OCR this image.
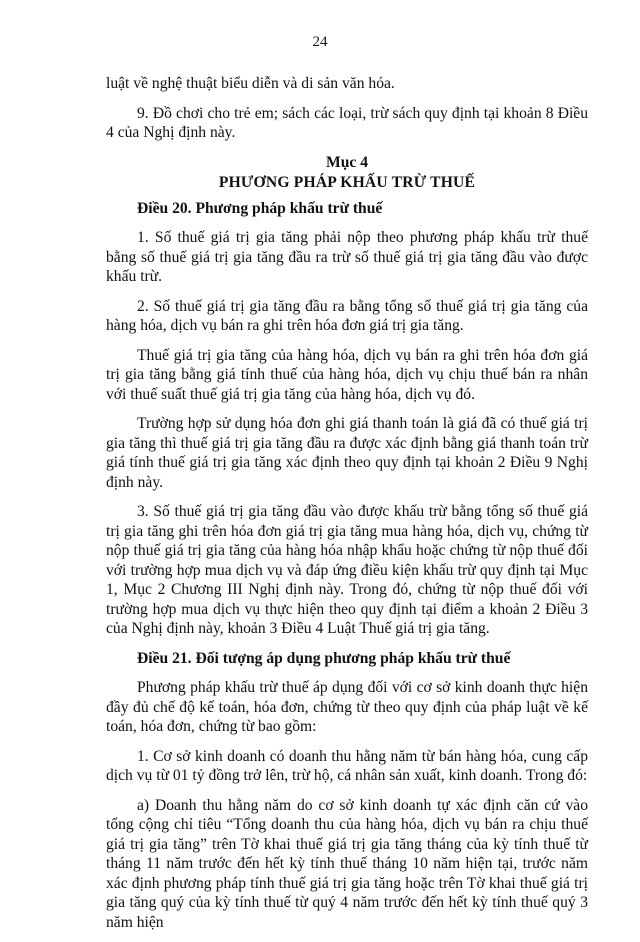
24

luật về nghệ thuật biểu diễn và di sản văn hóa.

9. Đồ chơi cho trẻ em; sách các loại, trừ sách quy định tại khoản 8 Điều 4 của Nghị định này.

Mục 4
PHƯƠNG PHÁP KHẤU TRỪ THUẾ

Điều 20. Phương pháp khấu trừ thuế

1. Số thuế giá trị gia tăng phải nộp theo phương pháp khấu trừ thuế bằng số thuế giá trị gia tăng đầu ra trừ số thuế giá trị gia tăng đầu vào được khấu trừ.

2. Số thuế giá trị gia tăng đầu ra bằng tổng số thuế giá trị gia tăng của hàng hóa, dịch vụ bán ra ghi trên hóa đơn giá trị gia tăng.

Thuế giá trị gia tăng của hàng hóa, dịch vụ bán ra ghi trên hóa đơn giá trị gia tăng bằng giá tính thuế của hàng hóa, dịch vụ chịu thuế bán ra nhân với thuế suất thuế giá trị gia tăng của hàng hóa, dịch vụ đó.

Trường hợp sử dụng hóa đơn ghi giá thanh toán là giá đã có thuế giá trị gia tăng thì thuế giá trị gia tăng đầu ra được xác định bằng giá thanh toán trừ giá tính thuế giá trị gia tăng xác định theo quy định tại khoản 2 Điều 9 Nghị định này.

3. Số thuế giá trị gia tăng đầu vào được khấu trừ bằng tổng số thuế giá trị gia tăng ghi trên hóa đơn giá trị gia tăng mua hàng hóa, dịch vụ, chứng từ nộp thuế giá trị gia tăng của hàng hóa nhập khẩu hoặc chứng từ nộp thuế đối với trường hợp mua dịch vụ và đáp ứng điều kiện khấu trừ quy định tại Mục 1, Mục 2 Chương III Nghị định này. Trong đó, chứng từ nộp thuế đối với trường hợp mua dịch vụ thực hiện theo quy định tại điểm a khoản 2 Điều 3 của Nghị định này, khoản 3 Điều 4 Luật Thuế giá trị gia tăng.

Điều 21. Đối tượng áp dụng phương pháp khấu trừ thuế

Phương pháp khấu trừ thuế áp dụng đối với cơ sở kinh doanh thực hiện đầy đủ chế độ kế toán, hóa đơn, chứng từ theo quy định của pháp luật về kế toán, hóa đơn, chứng từ bao gồm:

1. Cơ sở kinh doanh có doanh thu hằng năm từ bán hàng hóa, cung cấp dịch vụ từ 01 tỷ đồng trở lên, trừ hộ, cá nhân sản xuất, kinh doanh. Trong đó:

a) Doanh thu hằng năm do cơ sở kinh doanh tự xác định căn cứ vào tổng cộng chỉ tiêu “Tổng doanh thu của hàng hóa, dịch vụ bán ra chịu thuế giá trị gia tăng” trên Tờ khai thuế giá trị gia tăng tháng của kỳ tính thuế từ tháng 11 năm trước đến hết kỳ tính thuế tháng 10 năm hiện tại, trước năm xác định phương pháp tính thuế giá trị gia tăng hoặc trên Tờ khai thuế giá trị gia tăng quý của kỳ tính thuế từ quý 4 năm trước đến hết kỳ tính thuế quý 3 năm hiện
